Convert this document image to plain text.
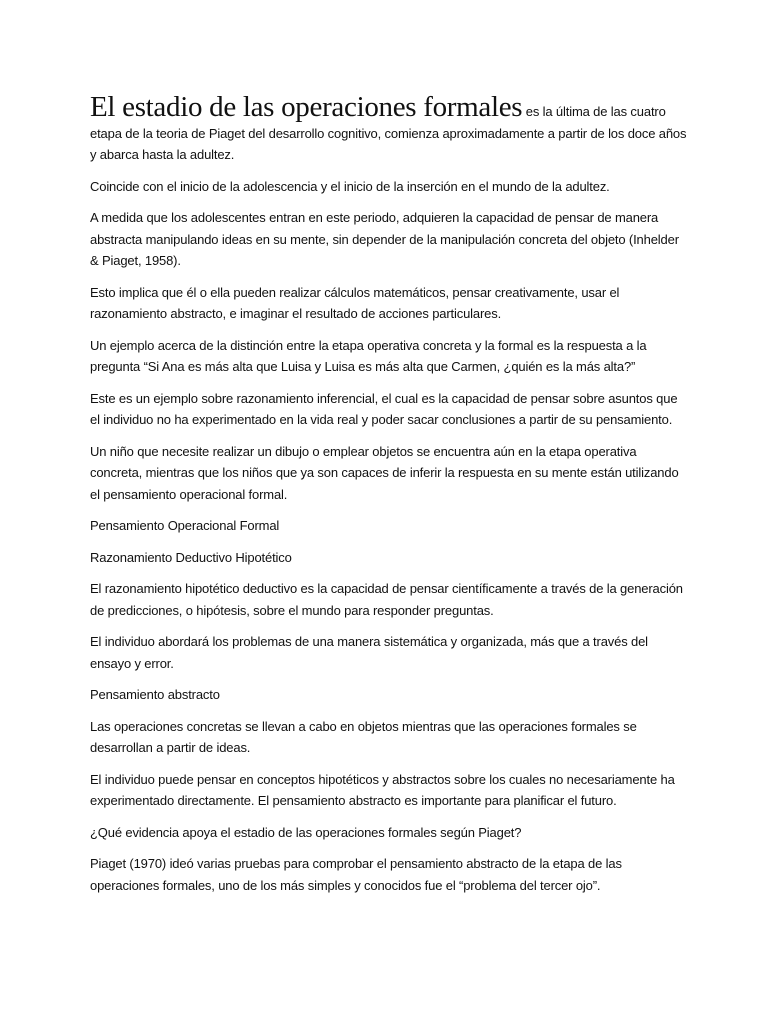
El estadio de las operaciones formales es la última de las cuatro
etapa de la teoria de Piaget del desarrollo cognitivo, comienza aproximadamente a partir de los doce años y abarca hasta la adultez.

Coincide con el inicio de la adolescencia y el inicio de la inserción en el mundo de la adultez.

A medida que los adolescentes entran en este periodo, adquieren la capacidad de pensar de manera abstracta manipulando ideas en su mente, sin depender de la manipulación concreta del objeto (Inhelder & Piaget, 1958).

Esto implica que él o ella pueden realizar cálculos matemáticos, pensar creativamente, usar el razonamiento abstracto, e imaginar el resultado de acciones particulares.

Un ejemplo acerca de la distinción entre la etapa operativa concreta y la formal es la respuesta a la pregunta “Si Ana es más alta que Luisa y Luisa es más alta que Carmen, ¿quién es la más alta?”

Este es un ejemplo sobre razonamiento inferencial, el cual es la capacidad de pensar sobre asuntos que el individuo no ha experimentado en la vida real y poder sacar conclusiones a partir de su pensamiento.

Un niño que necesite realizar un dibujo o emplear objetos se encuentra aún en la etapa operativa concreta, mientras que los niños que ya son capaces de inferir la respuesta en su mente están utilizando el pensamiento operacional formal.

Pensamiento Operacional Formal

Razonamiento Deductivo Hipotético

El razonamiento hipotético deductivo es la capacidad de pensar científicamente a través de la generación de predicciones, o hipótesis, sobre el mundo para responder preguntas.

El individuo abordará los problemas de una manera sistemática y organizada, más que a través del ensayo y error.

Pensamiento abstracto

Las operaciones concretas se llevan a cabo en objetos mientras que las operaciones formales se desarrollan a partir de ideas.

El individuo puede pensar en conceptos hipotéticos y abstractos sobre los cuales no necesariamente ha experimentado directamente. El pensamiento abstracto es importante para planificar el futuro.

¿Qué evidencia apoya el estadio de las operaciones formales según Piaget?

Piaget (1970) ideó varias pruebas para comprobar el pensamiento abstracto de la etapa de las operaciones formales, uno de los más simples y conocidos fue el “problema del tercer ojo”.
